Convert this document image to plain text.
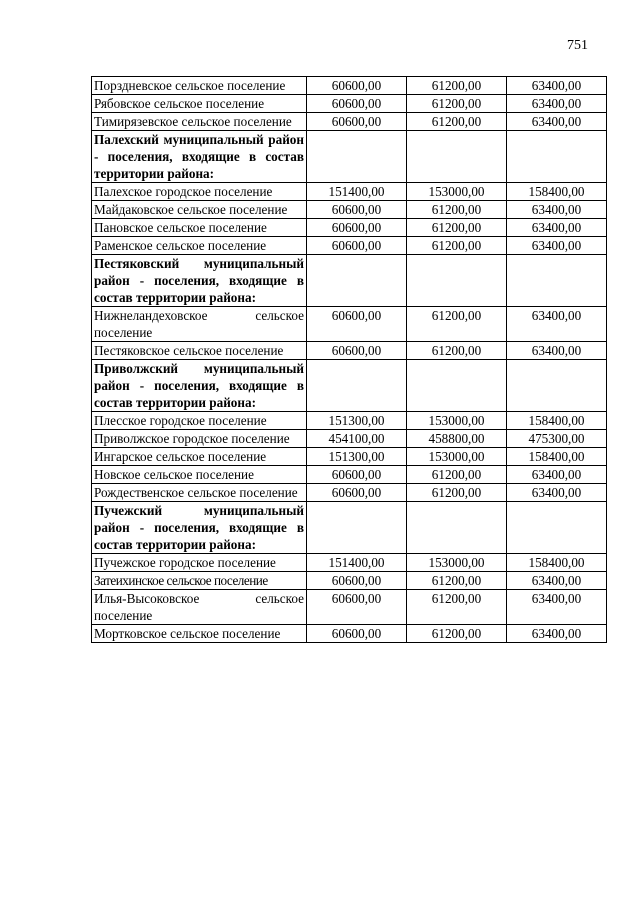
751
Порздневское сельское поселение	60600,00	61200,00	63400,00
Рябовское сельское поселение	60600,00	61200,00	63400,00
Тимирязевское сельское поселение	60600,00	61200,00	63400,00
Палехский муниципальный район - поселения, входящие в состав территории района:			
Палехское городское поселение	151400,00	153000,00	158400,00
Майдаковское сельское поселение	60600,00	61200,00	63400,00
Пановское сельское поселение	60600,00	61200,00	63400,00
Раменское сельское поселение	60600,00	61200,00	63400,00
Пестяковский муниципальный район - поселения, входящие в состав территории района:			
Нижнеландеховское сельское поселение	60600,00	61200,00	63400,00
Пестяковское сельское поселение	60600,00	61200,00	63400,00
Приволжский муниципальный район - поселения, входящие в состав территории района:			
Плесское городское поселение	151300,00	153000,00	158400,00
Приволжское городское поселение	454100,00	458800,00	475300,00
Ингарское сельское поселение	151300,00	153000,00	158400,00
Новское сельское поселение	60600,00	61200,00	63400,00
Рождественское сельское поселение	60600,00	61200,00	63400,00
Пучежский муниципальный район - поселения, входящие в состав территории района:			
Пучежское городское поселение	151400,00	153000,00	158400,00
Затеихинское сельское поселение	60600,00	61200,00	63400,00
Илья-Высоковское сельское поселение	60600,00	61200,00	63400,00
Мортковское сельское поселение	60600,00	61200,00	63400,00
